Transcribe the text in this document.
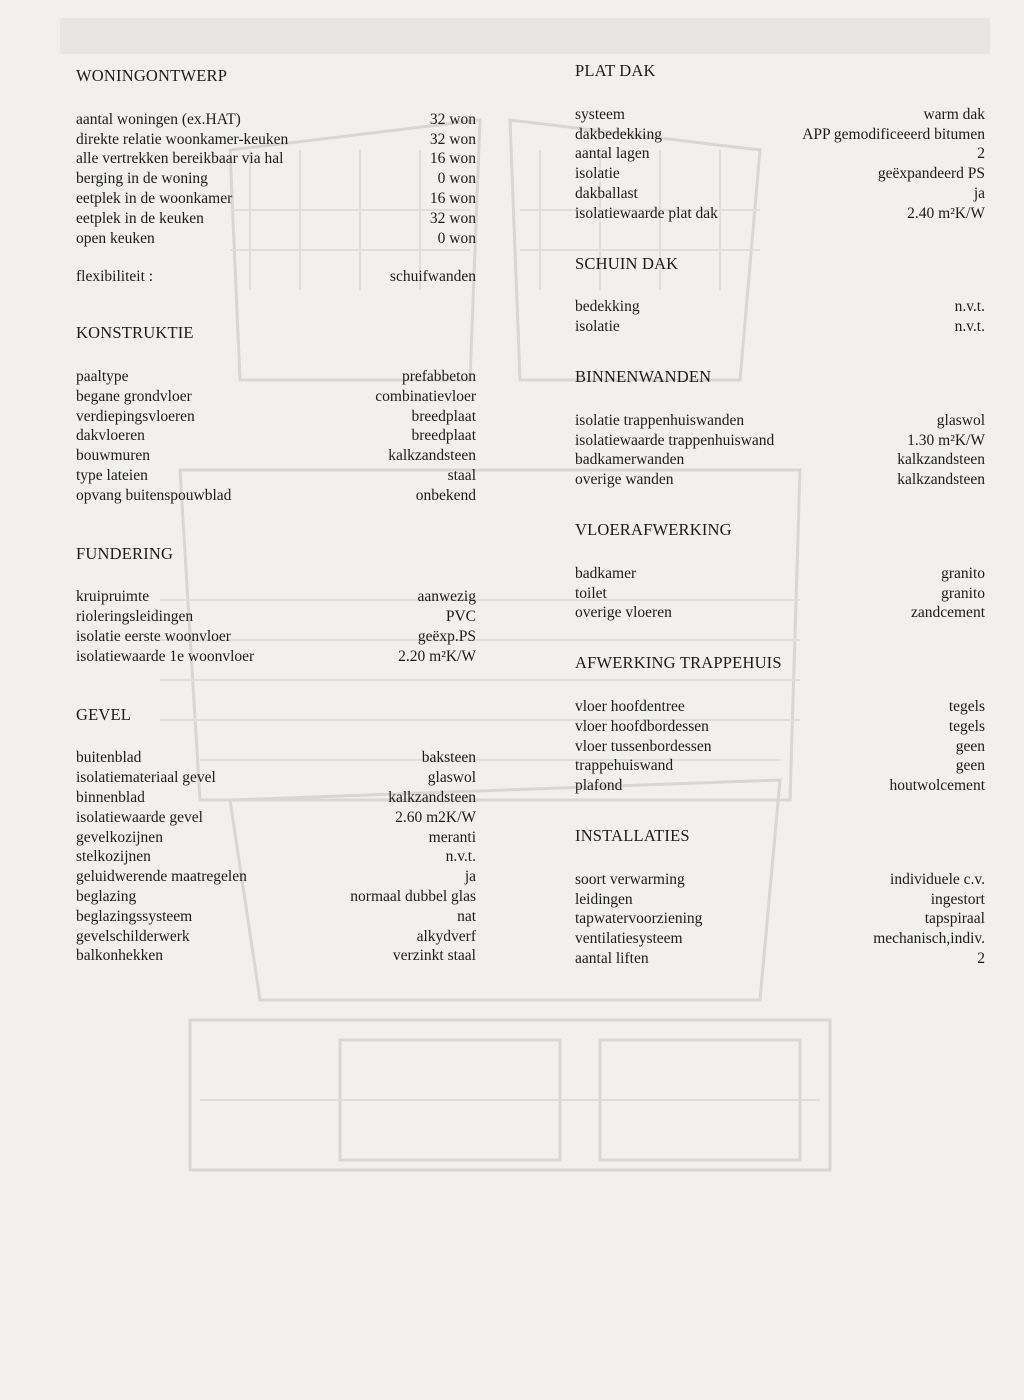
WONINGONTWERP
aantal woningen (ex.HAT)	32 won
direkte relatie woonkamer-keuken	32 won
alle vertrekken bereikbaar via hal	16 won
berging in de woning	0 won
eetplek in de woonkamer	16 won
eetplek in de keuken	32 won
open keuken	0 won
flexibiliteit :	schuifwanden
KONSTRUKTIE
paaltype	prefabbeton
begane grondvloer	combinatievloer
verdiepingsvloeren	breedplaat
dakvloeren	breedplaat
bouwmuren	kalkzandsteen
type lateien	staal
opvang buitenspouwblad	onbekend
FUNDERING
kruipruimte	aanwezig
rioleringsleidingen	PVC
isolatie eerste woonvloer	geëxp.PS
isolatiewaarde 1e woonvloer	2.20 m²K/W
GEVEL
buitenblad	baksteen
isolatiemateriaal gevel	glaswol
binnenblad	kalkzandsteen
isolatiewaarde gevel	2.60 m2K/W
gevelkozijnen	meranti
stelkozijnen	n.v.t.
geluidwerende maatregelen	ja
beglazing	normaal dubbel glas
beglazingssysteem	nat
gevelschilderwerk	alkydverf
balkonhekken	verzinkt staal
PLAT DAK
systeem	warm dak
dakbedekking	APP gemodificeeerd bitumen
aantal lagen	2
isolatie	geëxpandeerd PS
dakballast	ja
isolatiewaarde plat dak	2.40 m²K/W
SCHUIN DAK
bedekking	n.v.t.
isolatie	n.v.t.
BINNENWANDEN
isolatie trappenhuiswanden	glaswol
isolatiewaarde trappenhuiswand	1.30 m²K/W
badkamerwanden	kalkzandsteen
overige wanden	kalkzandsteen
VLOERAFWERKING
badkamer	granito
toilet	granito
overige vloeren	zandcement
AFWERKING TRAPPEHUIS
vloer hoofdentree	tegels
vloer hoofdbordessen	tegels
vloer tussenbordessen	geen
trappehuiswand	geen
plafond	houtwolcement
INSTALLATIES
soort verwarming	individuele c.v.
leidingen	ingestort
tapwatervoorziening	tapspiraal
ventilatiesysteem	mechanisch,indiv.
aantal liften	2
